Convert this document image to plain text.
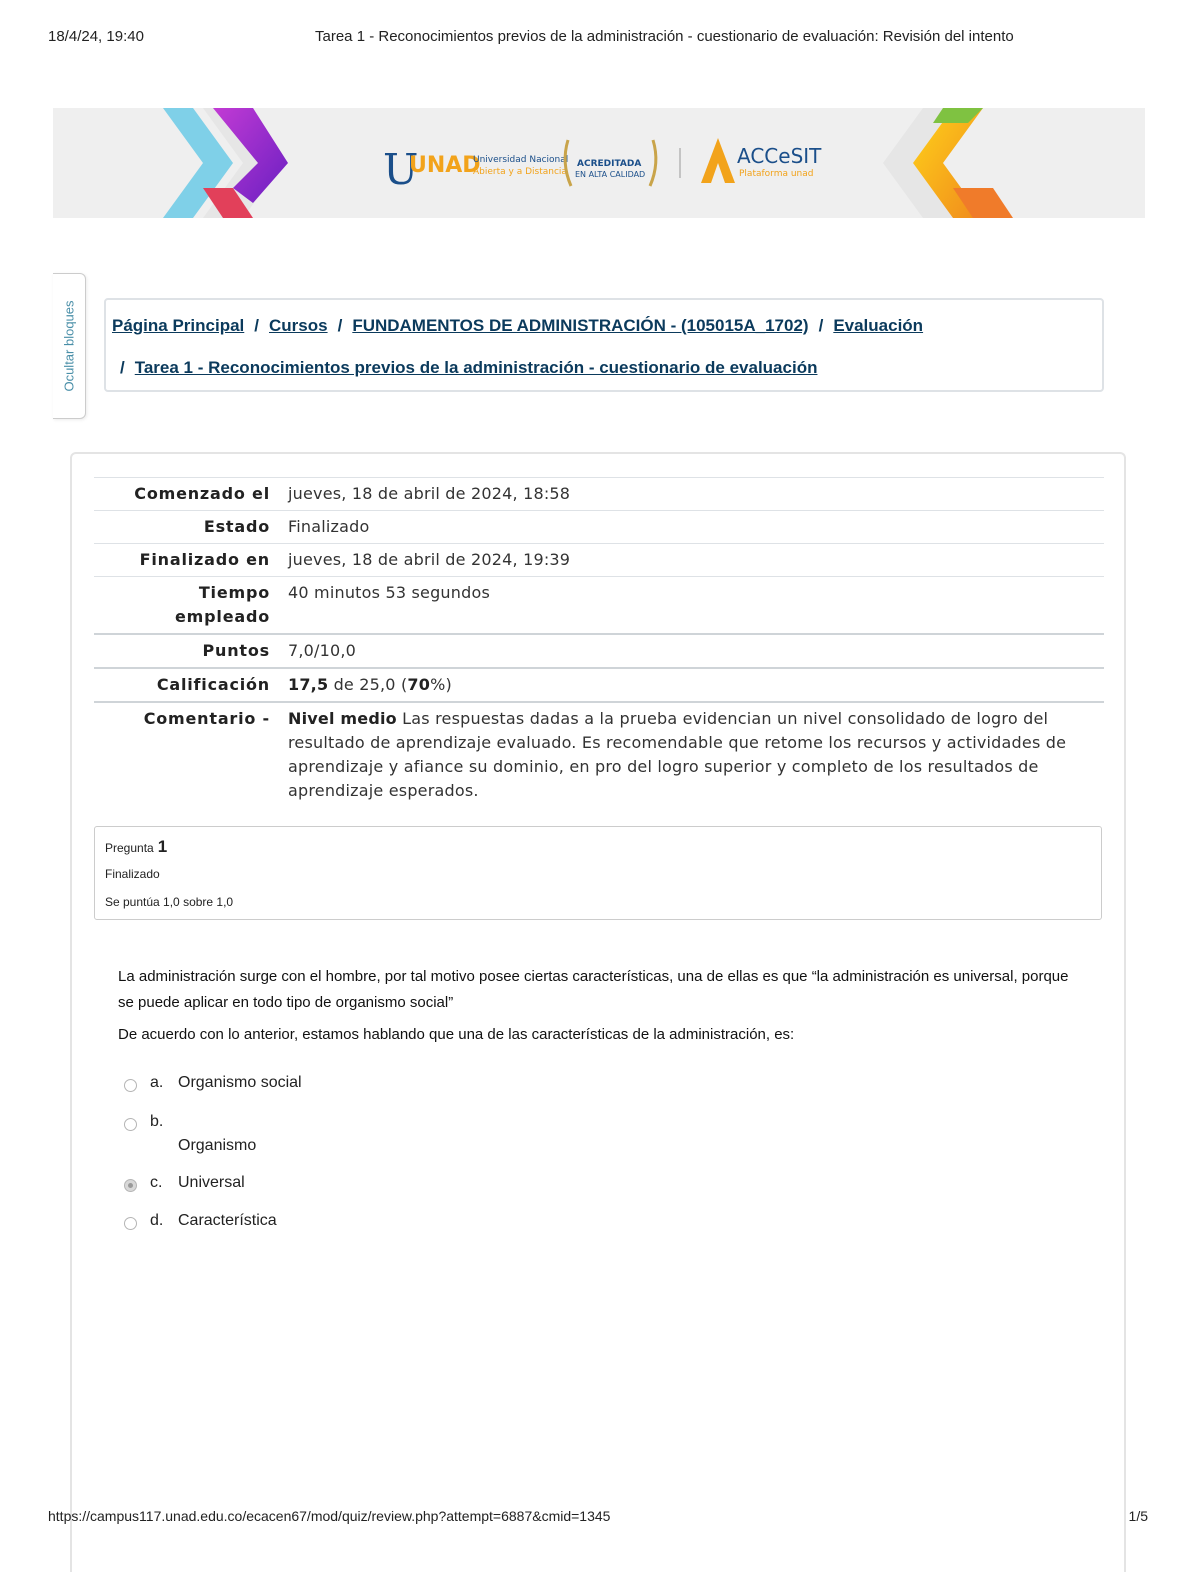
18/4/24, 19:40	Tarea 1 - Reconocimientos previos de la administración - cuestionario de evaluación: Revisión del intento
U
UNAD
Universidad Nacional
Abierta y a Distancia
ACREDITADA
EN ALTA CALIDAD
ACCeSIT
Plataforma unad
Ocultar bloques Página Principal / Cursos / FUNDAMENTOS DE ADMINISTRACIÓN - (105015A_1702) / Evaluación
/ Tarea 1 - Reconocimientos previos de la administración - cuestionario de evaluación
Comenzado el	jueves, 18 de abril de 2024, 18:58
Estado	Finalizado
Finalizado en	jueves, 18 de abril de 2024, 19:39
Tiempo empleado	40 minutos 53 segundos
Puntos	7,0/10,0
Calificación	17,5 de 25,0 (70%)
Comentario -	Nivel medio Las respuestas dadas a la prueba evidencian un nivel consolidado de logro del resultado de aprendizaje evaluado. Es recomendable que retome los recursos y actividades de aprendizaje y afiance su dominio, en pro del logro superior y completo de los resultados de aprendizaje esperados.
Pregunta 1
Finalizado
Se puntúa 1,0 sobre 1,0

La administración surge con el hombre, por tal motivo posee ciertas características, una de ellas es que “la administración es universal, porque se puede aplicar en todo tipo de organismo social”

De acuerdo con lo anterior, estamos hablando que una de las características de la administración, es:

a. Organismo social
b.
Organismo
c. Universal
d. Característica
https://campus117.unad.edu.co/ecacen67/mod/quiz/review.php?attempt=6887&cmid=1345	1/5
